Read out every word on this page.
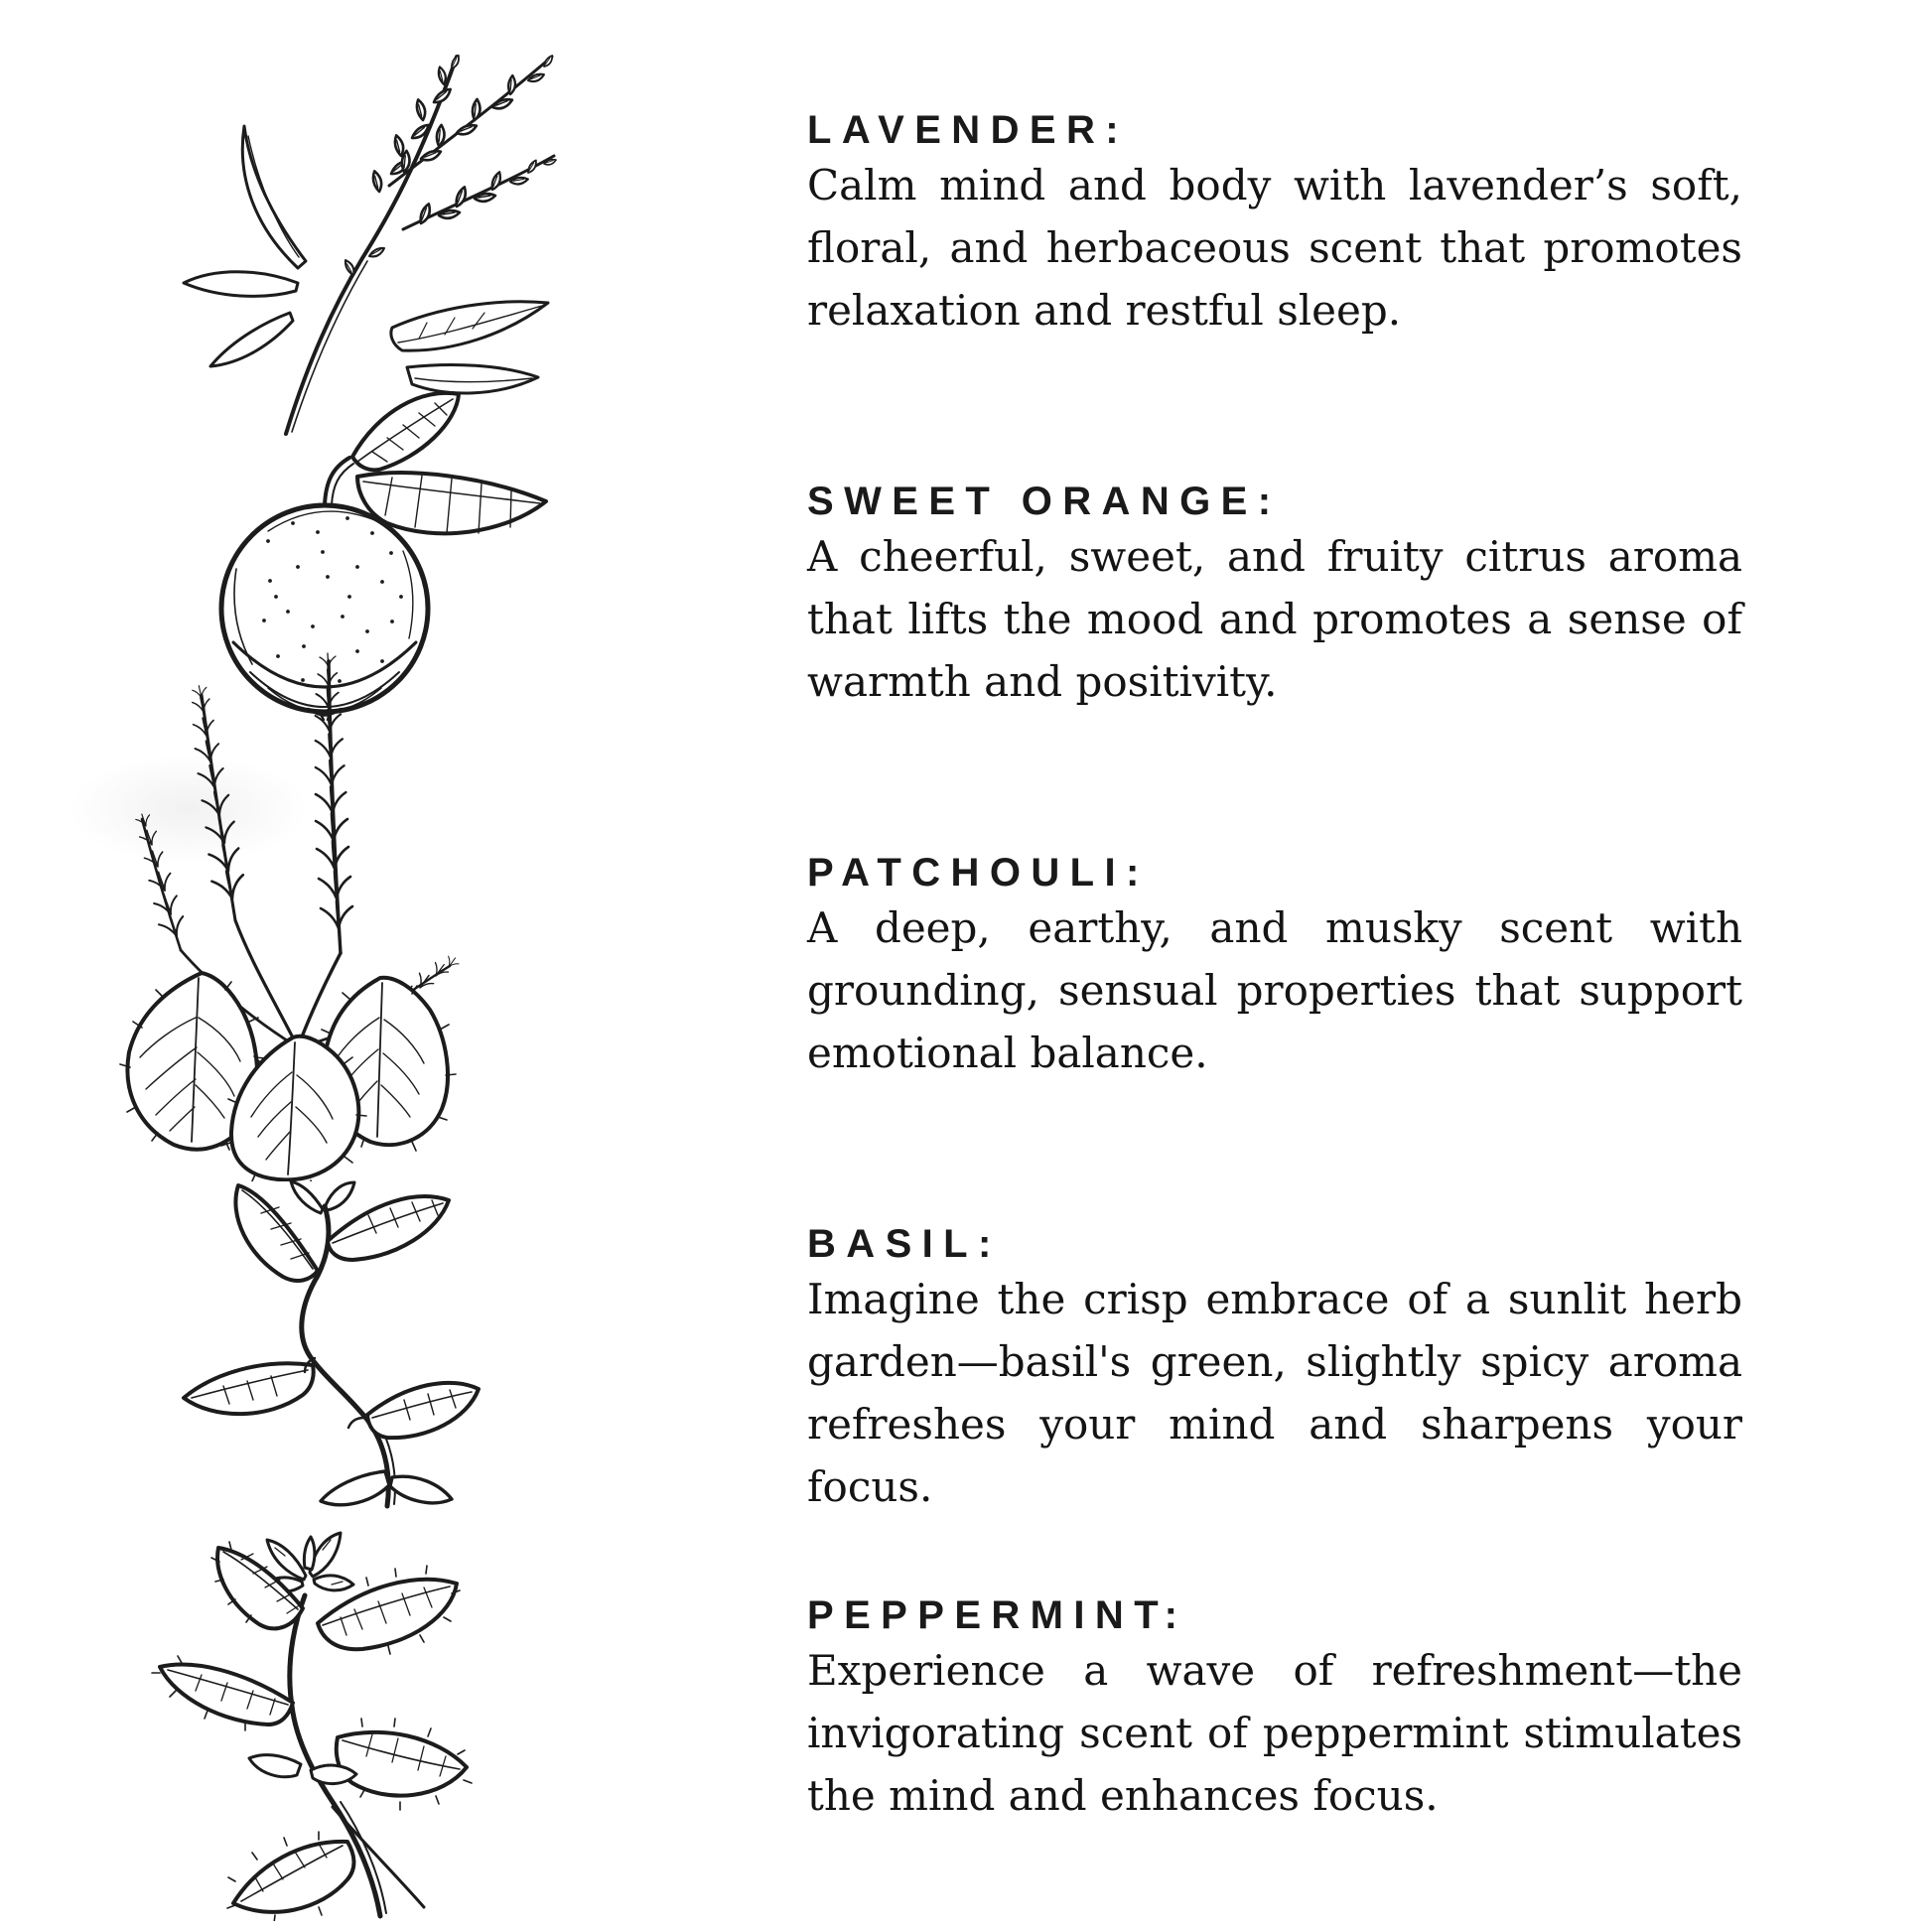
LAVENDER:

Calm mind and body with lavender’s soft, floral, and herbaceous scent that promotes relaxation and restful sleep.

SWEET ORANGE:

A cheerful, sweet, and fruity citrus aroma that lifts the mood and promotes a sense of warmth and positivity.

PATCHOULI:

A deep, earthy, and musky scent with grounding, sensual properties that support emotional balance.

BASIL:

Imagine the crisp embrace of a sunlit herb garden—basil's green, slightly spicy aroma refreshes your mind and sharpens your focus.

PEPPERMINT:

Experience a wave of refreshment—the invigorating scent of peppermint stimulates the mind and enhances focus.
